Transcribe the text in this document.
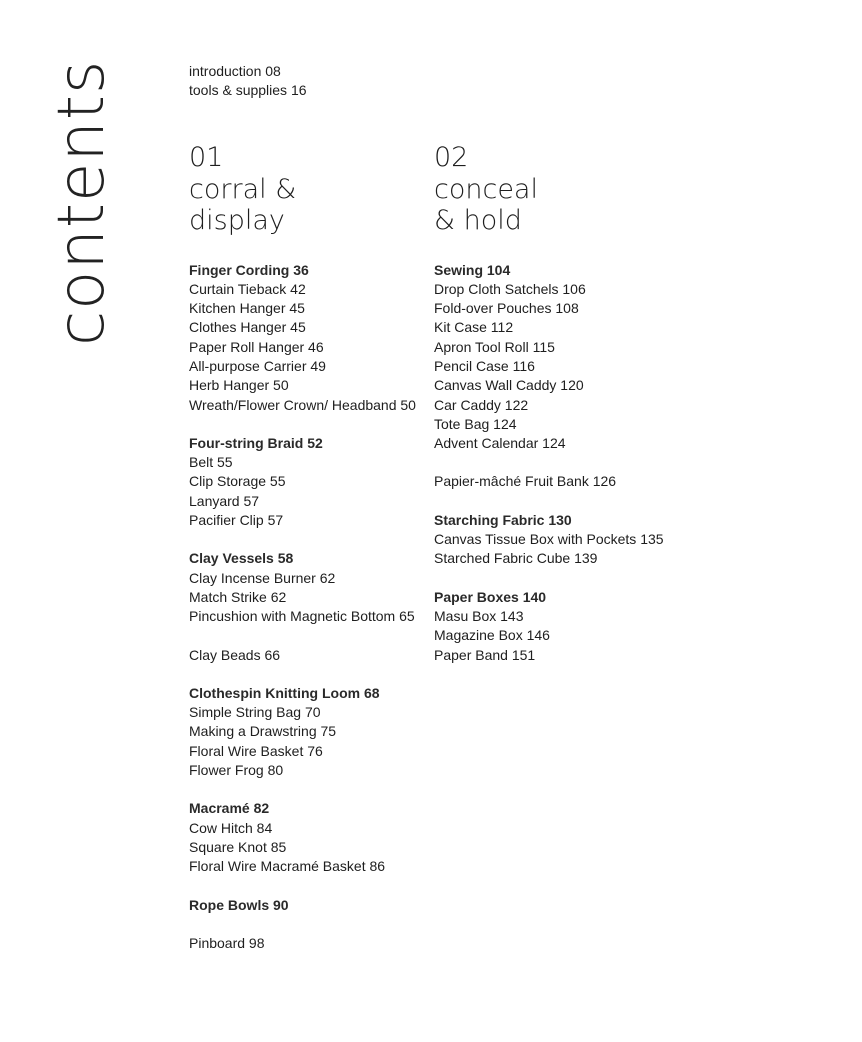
contents	introduction 08
tools & supplies 16
01
corral &
display
Finger Cording 36
Curtain Tieback 42
Kitchen Hanger 45
Clothes Hanger 45
Paper Roll Hanger 46
All-purpose Carrier 49
Herb Hanger 50
Wreath/Flower Crown/ Headband 50
Four-string Braid 52
Belt 55
Clip Storage 55
Lanyard 57
Pacifier Clip 57
Clay Vessels 58
Clay Incense Burner 62
Match Strike 62
Pincushion with Magnetic Bottom 65
Clay Beads 66
Clothespin Knitting Loom 68
Simple String Bag 70
Making a Drawstring 75
Floral Wire Basket 76
Flower Frog 80
Macramé 82
Cow Hitch 84
Square Knot 85
Floral Wire Macramé Basket 86
Rope Bowls 90
Pinboard 98
02
conceal
& hold
Sewing 104
Drop Cloth Satchels 106
Fold-over Pouches 108
Kit Case 112
Apron Tool Roll 115
Pencil Case 116
Canvas Wall Caddy 120
Car Caddy 122
Tote Bag 124
Advent Calendar 124
Papier-mâché Fruit Bank 126
Starching Fabric 130
Canvas Tissue Box with Pockets 135
Starched Fabric Cube 139
Paper Boxes 140
Masu Box 143
Magazine Box 146
Paper Band 151
